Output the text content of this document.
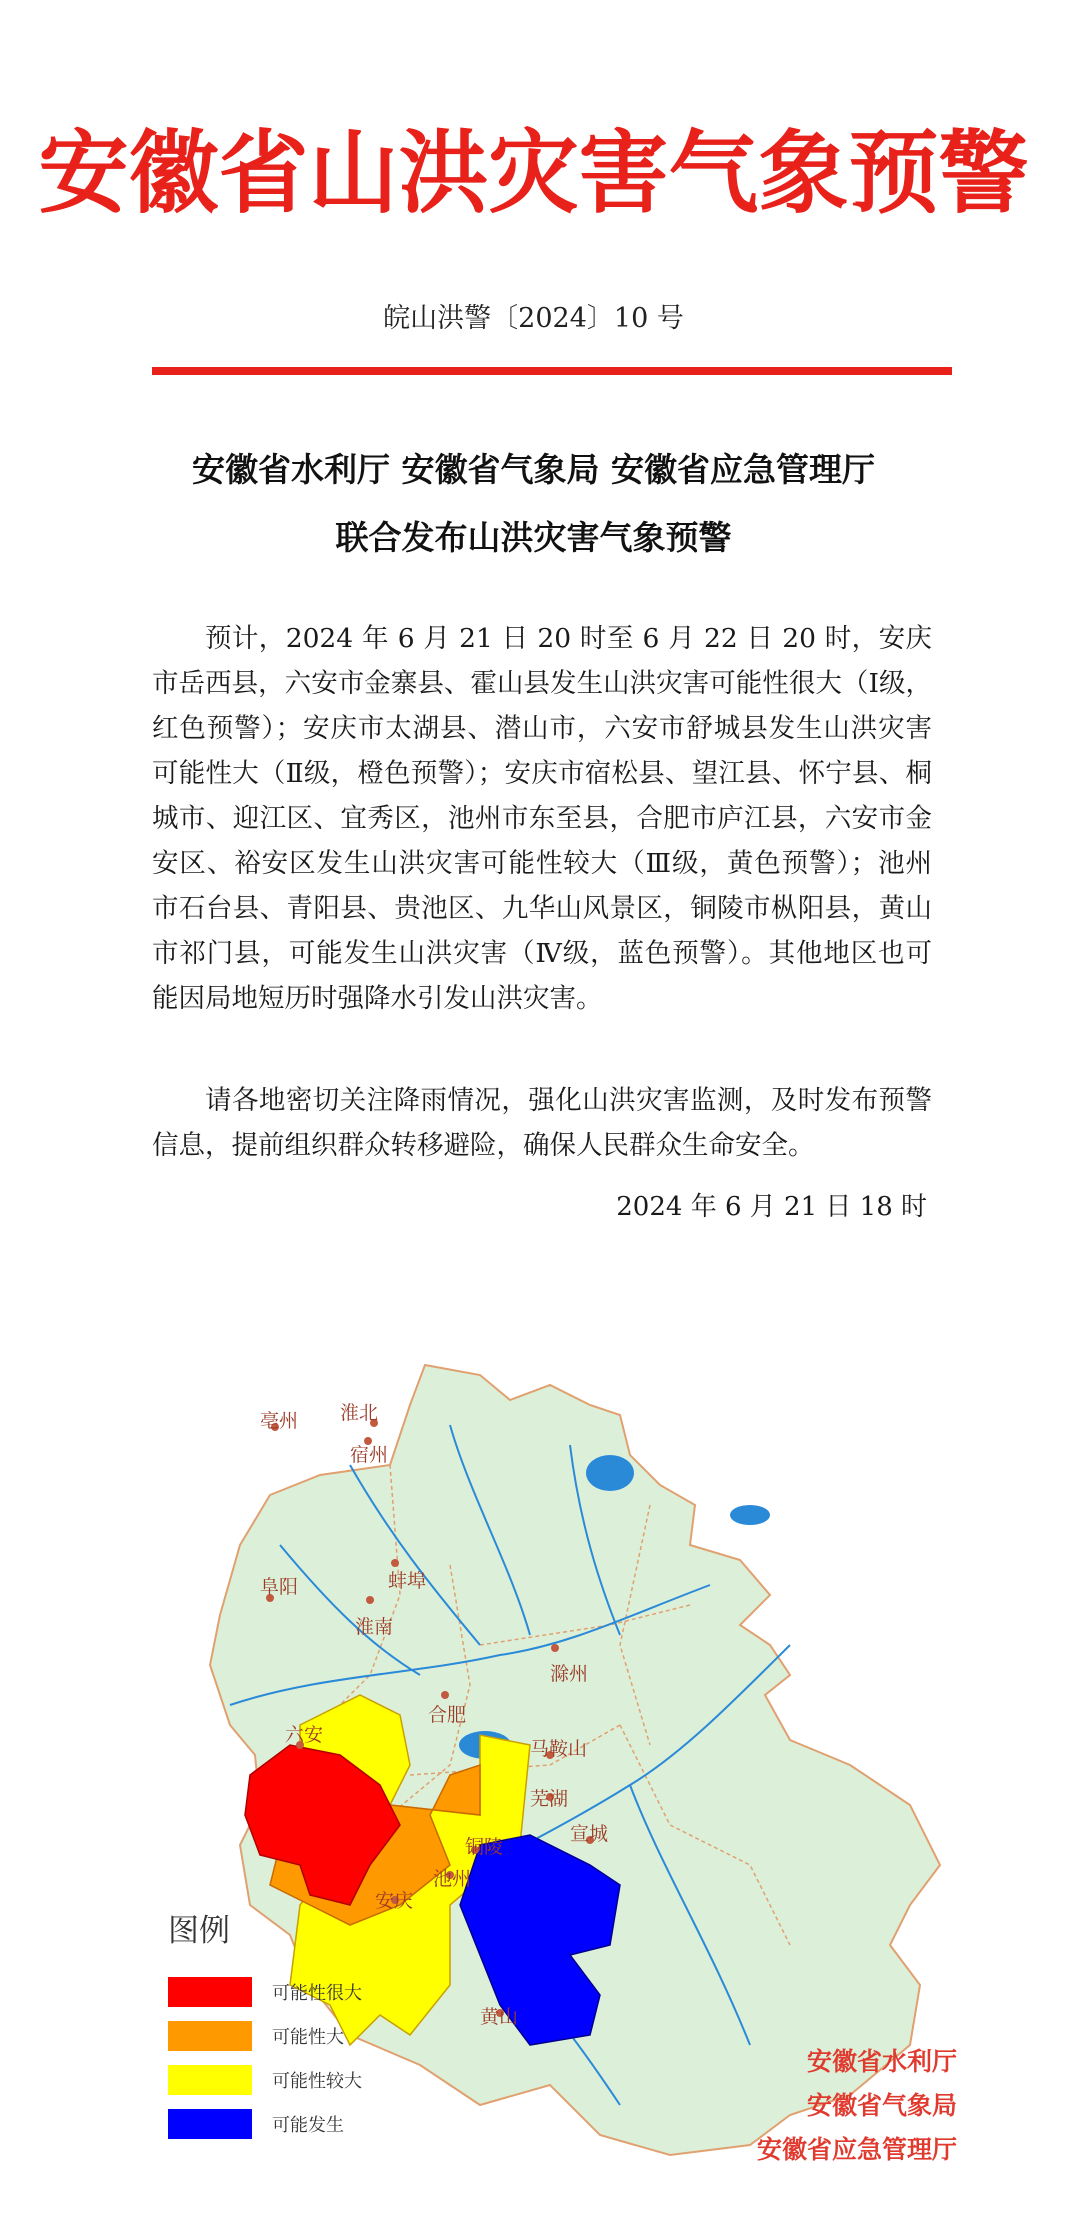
安徽省山洪灾害气象预警
皖山洪警〔2024〕10 号
安徽省水利厅 安徽省气象局 安徽省应急管理厅
联合发布山洪灾害气象预警
预计，2024 年 6 月 21 日 20 时至 6 月 22 日 20 时，安庆市岳西县，六安市金寨县、霍山县发生山洪灾害可能性很大（Ⅰ级，红色预警）；安庆市太湖县、潜山市，六安市舒城县发生山洪灾害可能性大（Ⅱ级，橙色预警）；安庆市宿松县、望江县、怀宁县、桐城市、迎江区、宜秀区，池州市东至县，合肥市庐江县，六安市金安区、裕安区发生山洪灾害可能性较大（Ⅲ级，黄色预警）；池州市石台县、青阳县、贵池区、九华山风景区，铜陵市枞阳县，黄山市祁门县，可能发生山洪灾害（Ⅳ级，蓝色预警）。其他地区也可能因局地短历时强降水引发山洪灾害。
请各地密切关注降雨情况，强化山洪灾害监测，及时发布预警信息，提前组织群众转移避险，确保人民群众生命安全。
2024 年 6 月 21 日 18 时
亳州 淮北
宿州
阜阳	蚌埠
淮南
滁州
合肥
六安
马鞍山
芜湖
铜陵
池州
宣城
安庆
黄山
图例
可能性很大
可能性大
可能性较大
可能发生
安徽省水利厅
安徽省气象局
安徽省应急管理厅
